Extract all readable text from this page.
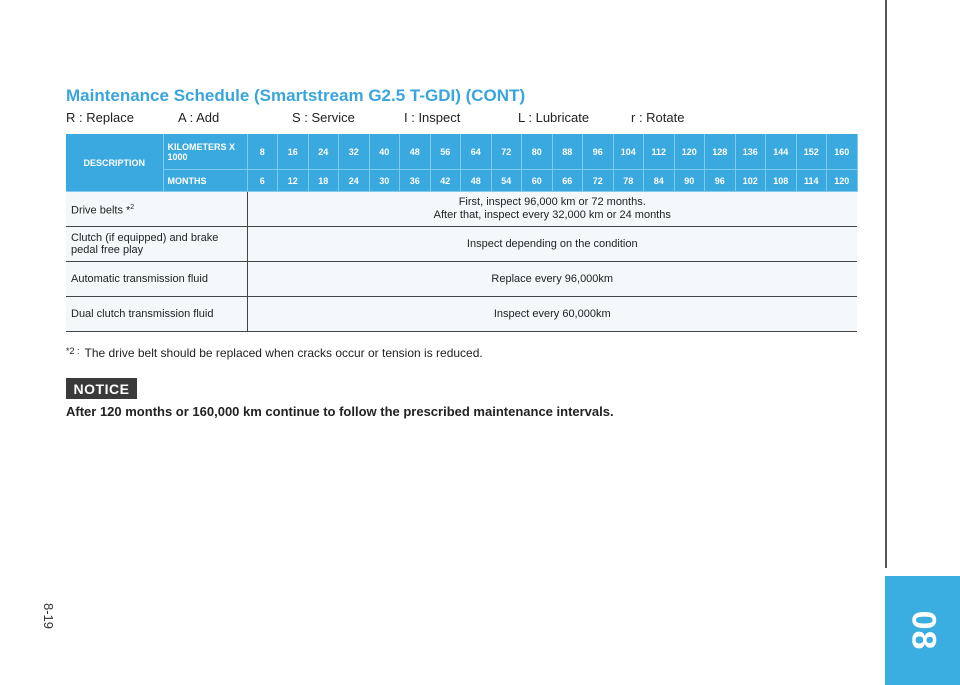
8-19	08
Maintenance Schedule (Smartstream G2.5 T-GDI) (CONT)
R : Replace	A : Add	S : Service	I : Inspect	L : Lubricate	r : Rotate
DESCRIPTION	KILOMETERS X 1000	8	16	24	32	40	48	56	64	72	80	88	96	104	112	120	128	136	144	152	160
	MONTHS	6	12	18	24	30	36	42	48	54	60	66	72	78	84	90	96	102	108	114	120
Drive belts *$^2$		First, inspect 96,000 km or 72 months.
After that, inspect every 32,000 km or 24 months																			

Clutch (if equipped) and brake
pedal free play		Inspect depending on the condition																			
Automatic transmission fluid		Replace every 96,000km																			
Dual clutch transmission fluid		Inspect every 60,000km																			
$^{*2 :}$ The drive belt should be replaced when cracks occur or tension is reduced.
NOTICE
After 120 months or 160,000 km continue to follow the prescribed maintenance intervals.
